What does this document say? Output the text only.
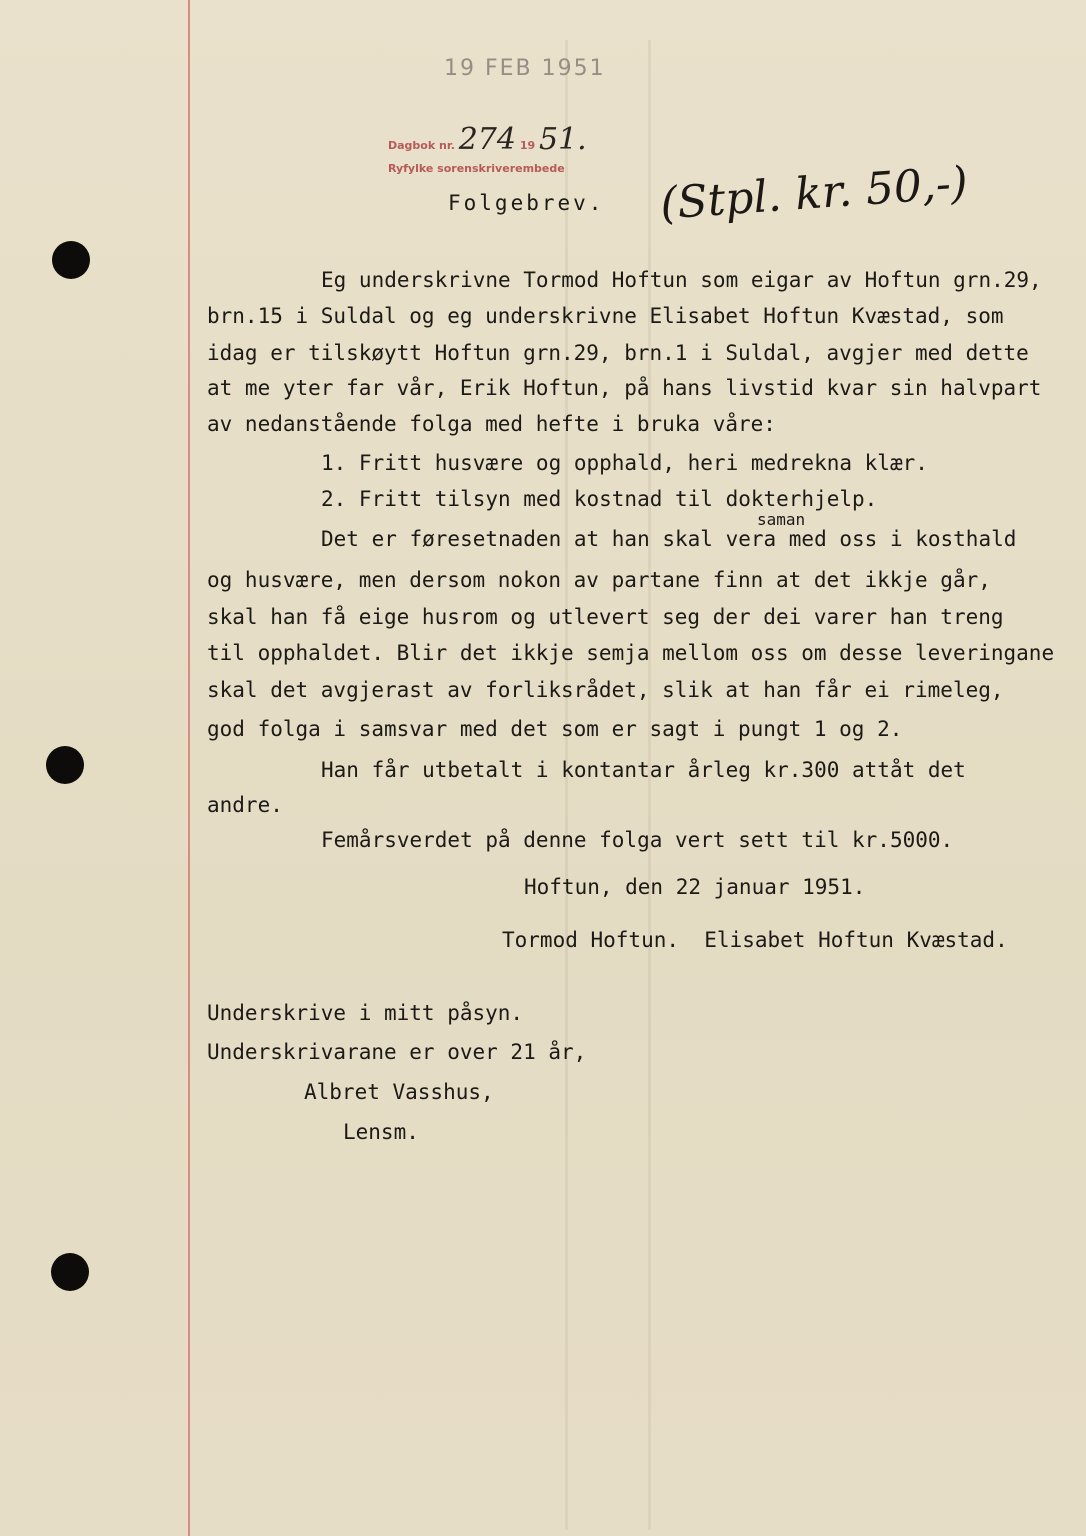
19 FEB 1951
Dagbok nr. 274 19 51.
Ryfylke sorenskriverembede
Folgebrev. (Stpl. kr. 50,-)
Eg underskrivne Tormod Hoftun som eigar av Hoftun grn.29,
brn.15 i Suldal og eg underskrivne Elisabet Hoftun Kvæstad, som
idag er tilskøytt Hoftun grn.29, brn.1 i Suldal, avgjer med dette
at me yter far vår, Erik Hoftun, på hans livstid kvar sin halvpart
av nedanstående folga med hefte i bruka våre:
1. Fritt husvære og opphald, heri medrekna klær.
2. Fritt tilsyn med kostnad til dokterhjelp.
saman
Det er føresetnaden at han skal vera med oss i kosthald
og husvære, men dersom nokon av partane finn at det ikkje går,
skal han få eige husrom og utlevert seg der dei varer han treng
til opphaldet. Blir det ikkje semja mellom oss om desse leveringane
skal det avgjerast av forliksrådet, slik at han får ei rimeleg,
god folga i samsvar med det som er sagt i pungt 1 og 2.
Han får utbetalt i kontantar årleg kr.300 attåt det
andre.
Femårsverdet på denne folga vert sett til kr.5000.
Hoftun, den 22 januar 1951.
Tormod Hoftun.  Elisabet Hoftun Kvæstad.
Underskrive i mitt påsyn.
Underskrivarane er over 21 år,
Albret Vasshus,
Lensm.
